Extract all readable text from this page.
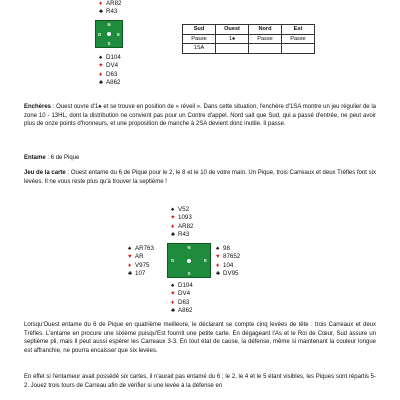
♦ AR82
♣ R43
N
S
O	E
♠ D104
♥ DV4
♦ D63
♣ A862
Sud	Ouest	Nord	Est
Passe	1♠	Passe	Passe
1SA			
Enchères : Ouest ouvre d'1♠ et se trouve en position de « réveil ». Dans cette situation, l'enchère d'1SA montre un jeu régulier de la zone 10 - 13HL, dont la distribution ne convient pas pour un Contre d'appel. Nord sait que Sud, qui a passé d'entrée, ne peut avoir plus de onze points d'honneurs, et une proposition de manche à 2SA devient donc inutile. Il passe.
Entame : 6 de Pique
Jeu de la carte : Ouest entame du 6 de Pique pour le 2, le 8 et le 10 de votre main. Un Pique, trois Carreaux et deux Trèfles font six levées. Il ne vous reste plus qu'à trouver la septième !
♠ V52
♥ 1093
♦ AR82
♣ R43
♠ AR763
♥ AR
♦ V975
♣ 107
N
S
O	E
♠ 98
♥ 87652
♦ 104
♣ DV95
♠ D104
♥ DV4
♦ D63
♣ A862
Lorsqu'Ouest entame du 6 de Pique en quatrième meilleure, le déclarant se compte cinq levées de tête : trois Carreaux et deux Trèfles. L'entame en procure une sixième puisqu'Est fournit une petite carte. En dégageant l'As et le Roi de Cœur, Sud assure un septième pli, mais il peut aussi espérer les Carreaux 3-3. En tout état de cause, la défense, même si maintenant la couleur longue est affranchie, ne pourra encaisser que six levées.
En effet si l'entameur avait possédé six cartes, il n'aurait pas entamé du 6 ; le 2, le 4 et le 5 étant visibles, les Piques sont répartis 5-2. Jouez trois tours de Carreau afin de vérifier si une levée à la défense en
